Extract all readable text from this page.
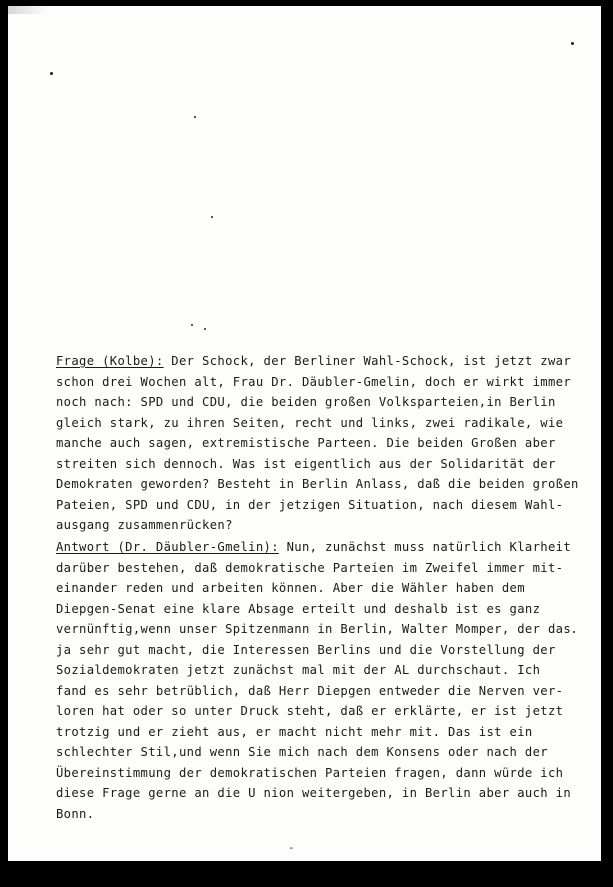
Frage (Kolbe): Der Schock, der Berliner Wahl-Schock, ist jetzt zwar

schon drei Wochen alt, Frau Dr. Däubler-Gmelin, doch er wirkt immer

noch nach: SPD und CDU, die beiden großen Volksparteien,in Berlin

gleich stark, zu ihren Seiten, recht und links, zwei radikale, wie

manche auch sagen, extremistische Parteen. Die beiden Großen aber

streiten sich dennoch. Was ist eigentlich aus der Solidarität der

Demokraten geworden? Besteht in Berlin Anlass, daß die beiden großen

Pateien, SPD und CDU, in der jetzigen Situation, nach diesem Wahl-

ausgang zusammenrücken?

Antwort (Dr. Däubler-Gmelin): Nun, zunächst muss natürlich Klarheit

darüber bestehen, daß demokratische Parteien im Zweifel immer mit-

einander reden und arbeiten können. Aber die Wähler haben dem

Diepgen-Senat eine klare Absage erteilt und deshalb ist es ganz

vernünftig,wenn unser Spitzenmann in Berlin, Walter Momper, der das

ja sehr gut macht, die Interessen Berlins und die Vorstellung der

Sozialdemokraten jetzt zunächst mal mit der AL durchschaut. Ich

fand es sehr betrüblich, daß Herr Diepgen entweder die Nerven ver-

loren hat oder so unter Druck steht, daß er erklärte, er ist jetzt

trotzig und er zieht aus, er macht nicht mehr mit. Das ist ein

schlechter Stil,und wenn Sie mich nach dem Konsens oder nach der

Übereinstimmung der demokratischen Parteien fragen, dann würde ich

diese Frage gerne an die U nion weitergeben, in Berlin aber auch in

Bonn.

-
